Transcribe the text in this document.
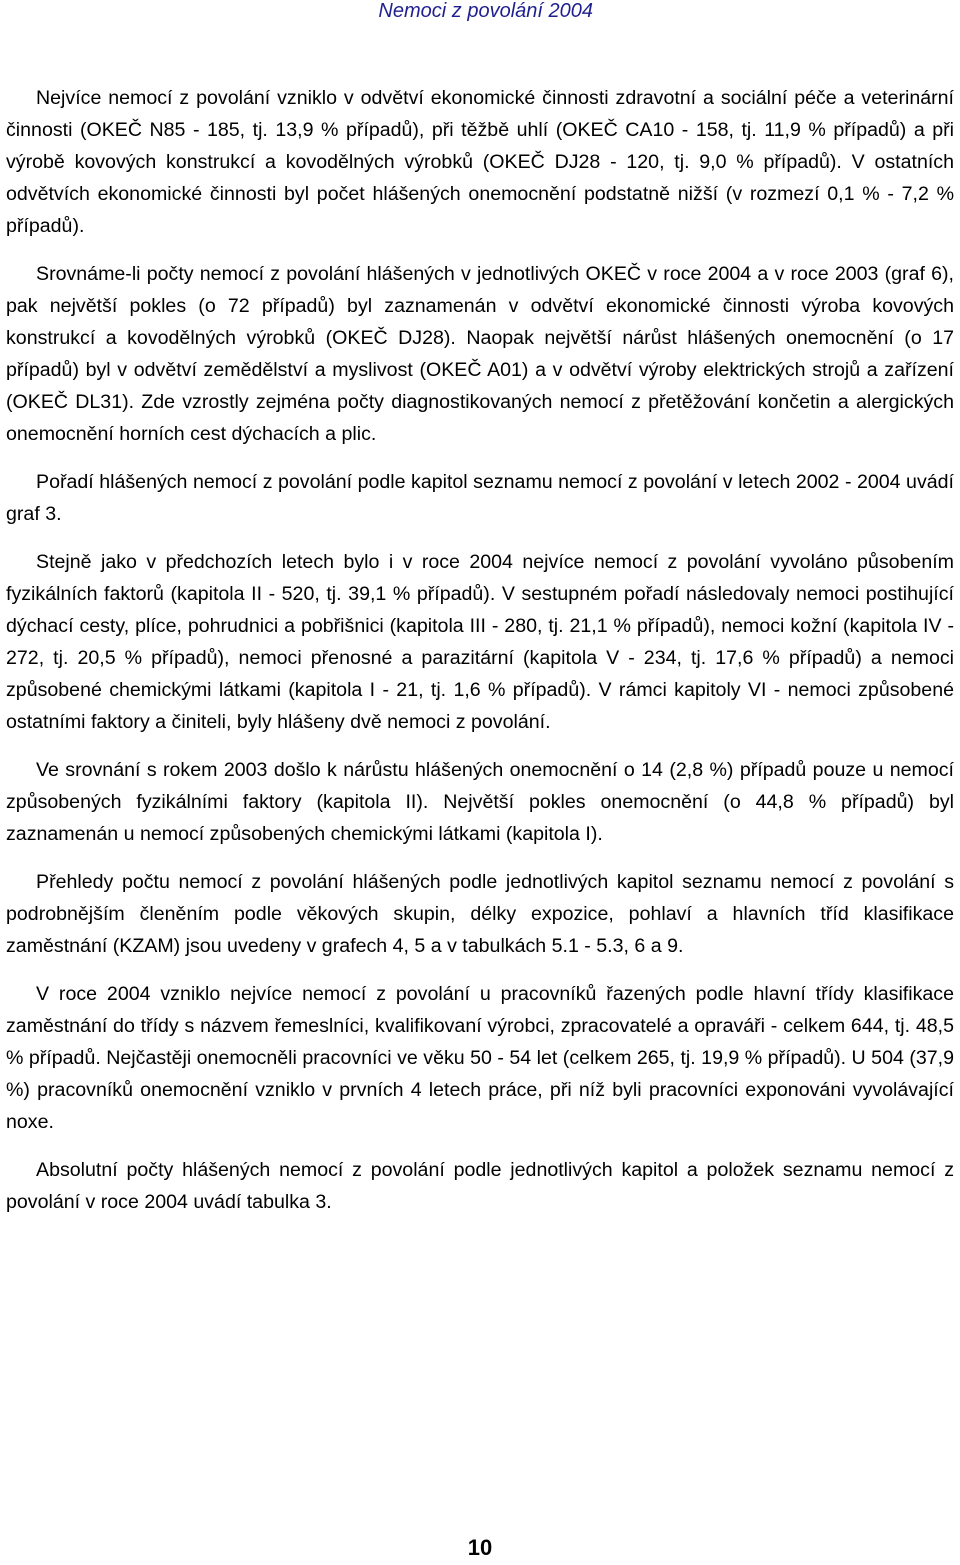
Nemoci z povolání 2004

Nejvíce nemocí z povolání vzniklo v odvětví ekonomické činnosti zdravotní a sociální péče a veterinární činnosti (OKEČ N85 - 185, tj. 13,9 % případů), při těžbě uhlí (OKEČ CA10 - 158, tj. 11,9 % případů) a při výrobě kovových konstrukcí a kovodělných výrobků (OKEČ DJ28 - 120, tj. 9,0 % případů). V ostatních odvětvích ekonomické činnosti byl počet hlášených onemocnění podstatně nižší (v rozmezí 0,1 % - 7,2 % případů).

Srovnáme-li počty nemocí z povolání hlášených v jednotlivých OKEČ v roce 2004 a v roce 2003 (graf 6), pak největší pokles (o 72 případů) byl zaznamenán v odvětví ekonomické činnosti výroba kovových konstrukcí a kovodělných výrobků (OKEČ DJ28). Naopak největší nárůst hlášených onemocnění (o 17 případů) byl v odvětví zemědělství a myslivost (OKEČ A01) a v odvětví výroby elektrických strojů a zařízení (OKEČ DL31). Zde vzrostly zejména počty diagnostikovaných nemocí z přetěžování končetin a alergických onemocnění horních cest dýchacích a plic.

Pořadí hlášených nemocí z povolání podle kapitol seznamu nemocí z povolání v letech 2002 - 2004 uvádí graf 3.

Stejně jako v předchozích letech bylo i v roce 2004 nejvíce nemocí z povolání vyvoláno působením fyzikálních faktorů (kapitola II - 520, tj. 39,1 % případů). V sestupném pořadí následovaly nemoci postihující dýchací cesty, plíce, pohrudnici a pobřišnici (kapitola III - 280, tj. 21,1 % případů), nemoci kožní (kapitola IV - 272, tj. 20,5 % případů), nemoci přenosné a parazitární (kapitola V - 234, tj. 17,6 % případů) a nemoci způsobené chemickými látkami (kapitola I - 21, tj. 1,6 % případů). V rámci kapitoly VI - nemoci způsobené ostatními faktory a činiteli, byly hlášeny dvě nemoci z povolání.

Ve srovnání s rokem 2003 došlo k nárůstu hlášených onemocnění o 14 (2,8 %) případů pouze u nemocí způsobených fyzikálními faktory (kapitola II). Největší pokles onemocnění (o 44,8 % případů) byl zaznamenán u nemocí způsobených chemickými látkami (kapitola I).

Přehledy počtu nemocí z povolání hlášených podle jednotlivých kapitol seznamu nemocí z povolání s podrobnějším členěním podle věkových skupin, délky expozice, pohlaví a hlavních tříd klasifikace zaměstnání (KZAM) jsou uvedeny v grafech 4, 5 a v tabulkách 5.1 - 5.3, 6 a 9.

V roce 2004 vzniklo nejvíce nemocí z povolání u pracovníků řazených podle hlavní třídy klasifikace zaměstnání do třídy s názvem řemeslníci, kvalifikovaní výrobci, zpracovatelé a opraváři - celkem 644, tj. 48,5 % případů. Nejčastěji onemocněli pracovníci ve věku 50 - 54 let (celkem 265, tj. 19,9 % případů). U 504 (37,9 %) pracovníků onemocnění vzniklo v prvních 4 letech práce, při níž byli pracovníci exponováni vyvolávající noxe.

Absolutní počty hlášených nemocí z povolání podle jednotlivých kapitol a položek seznamu nemocí z povolání v roce 2004 uvádí tabulka 3.

10
